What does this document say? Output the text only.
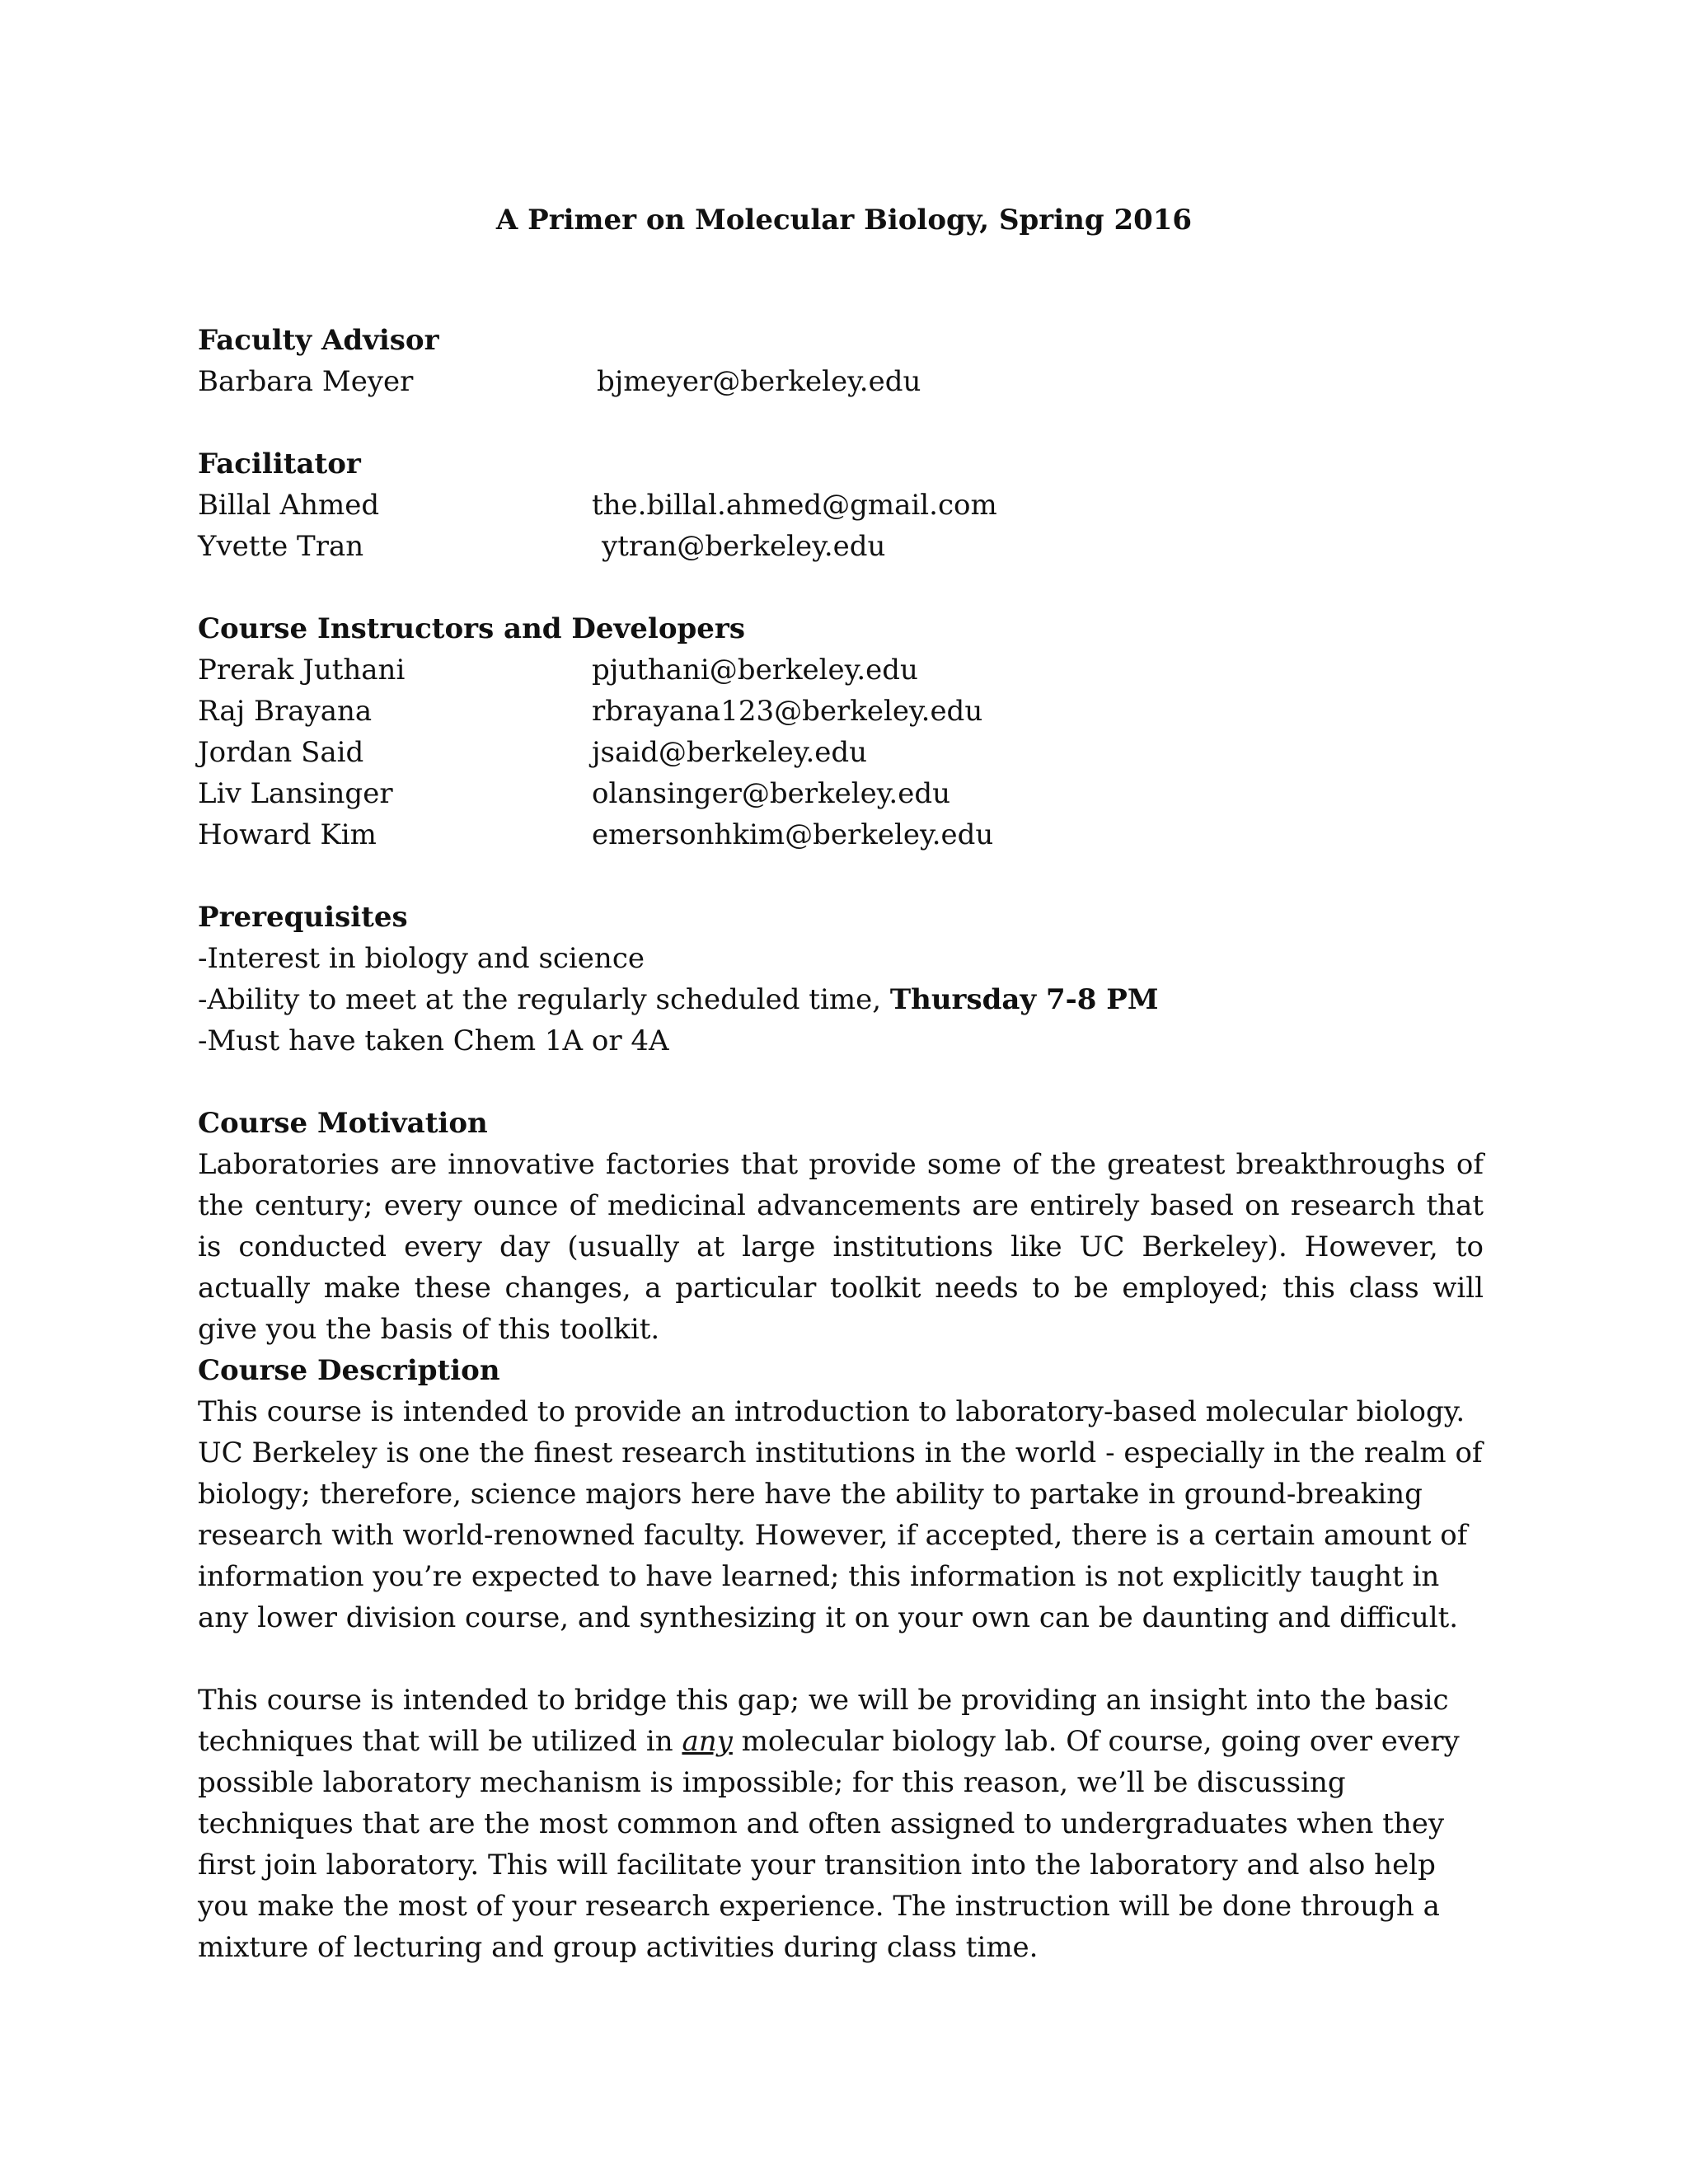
A Primer on Molecular Biology, Spring 2016
Faculty Advisor
Barbara Meyer	bjmeyer@berkeley.edu
Facilitator
Billal Ahmed	the.billal.ahmed@gmail.com
Yvette Tran	ytran@berkeley.edu
Course Instructors and Developers
Prerak Juthani	pjuthani@berkeley.edu
Raj Brayana	rbrayana123@berkeley.edu
Jordan Said	jsaid@berkeley.edu
Liv Lansinger	olansinger@berkeley.edu
Howard Kim	emersonhkim@berkeley.edu
Prerequisites
-Interest in biology and science
-Ability to meet at the regularly scheduled time, Thursday 7-8 PM
-Must have taken Chem 1A or 4A
Course Motivation

Laboratories are innovative factories that provide some of the greatest breakthroughs of the century; every ounce of medicinal advancements are entirely based on research that is conducted every day (usually at large institutions like UC Berkeley). However, to actually make these changes, a particular toolkit needs to be employed; this class will give you the basis of this toolkit.

Course Description

This course is intended to provide an introduction to laboratory-based molecular biology. UC Berkeley is one the finest research institutions in the world - especially in the realm of biology; therefore, science majors here have the ability to partake in ground-breaking research with world-renowned faculty. However, if accepted, there is a certain amount of information you’re expected to have learned; this information is not explicitly taught in any lower division course, and synthesizing it on your own can be daunting and difficult.

This course is intended to bridge this gap; we will be providing an insight into the basic techniques that will be utilized in any molecular biology lab. Of course, going over every possible laboratory mechanism is impossible; for this reason, we’ll be discussing techniques that are the most common and often assigned to undergraduates when they first join laboratory. This will facilitate your transition into the laboratory and also help you make the most of your research experience. The instruction will be done through a mixture of lecturing and group activities during class time.
